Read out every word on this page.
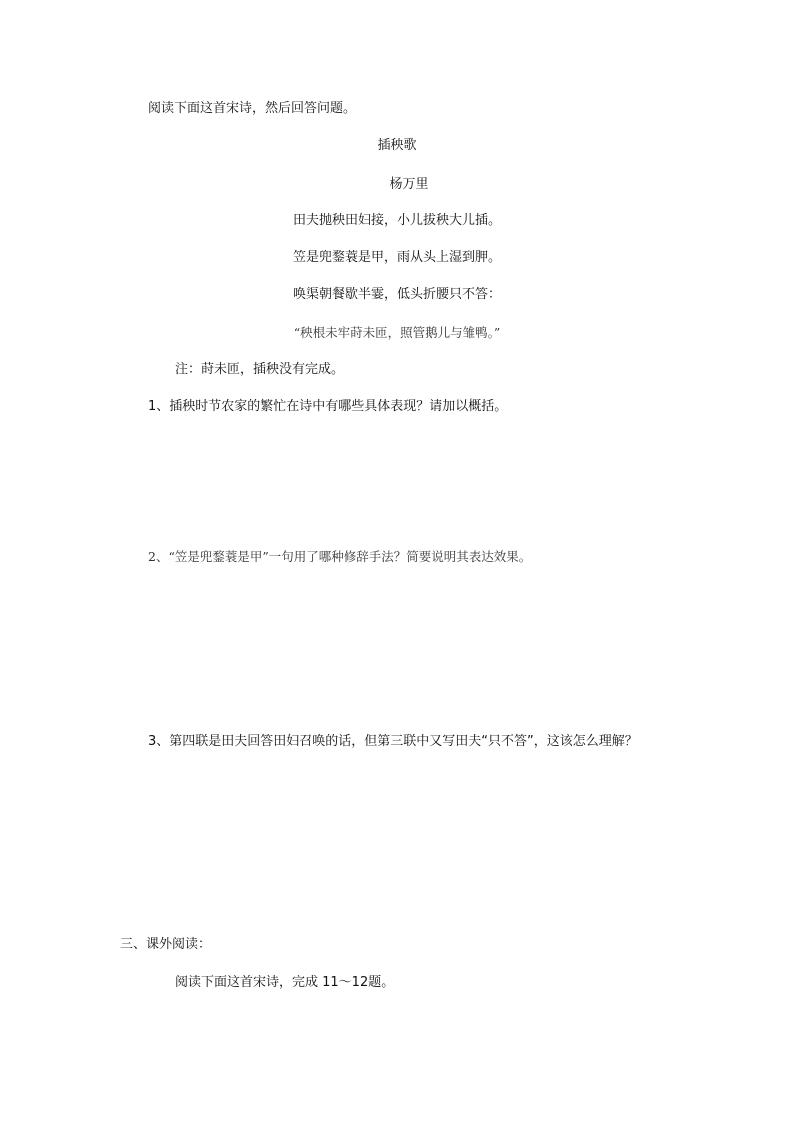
阅读下面这首宋诗，然后回答问题。
插秧歌
杨万里
田夫抛秧田妇接，小儿拔秧大儿插。
笠是兜鍪蓑是甲，雨从头上湿到胛。
唤渠朝餐歇半霎，低头折腰只不答：
“秧根未牢莳未匝，照管鹅儿与雏鸭。”
注：莳未匝，插秧没有完成。
1、插秧时节农家的繁忙在诗中有哪些具体表现？请加以概括。
2、“笠是兜鍪蓑是甲”一句用了哪种修辞手法？简要说明其表达效果。
3、第四联是田夫回答田妇召唤的话，但第三联中又写田夫“只不答”，这该怎么理解？
三、课外阅读：
阅读下面这首宋诗，完成 11～12题。
